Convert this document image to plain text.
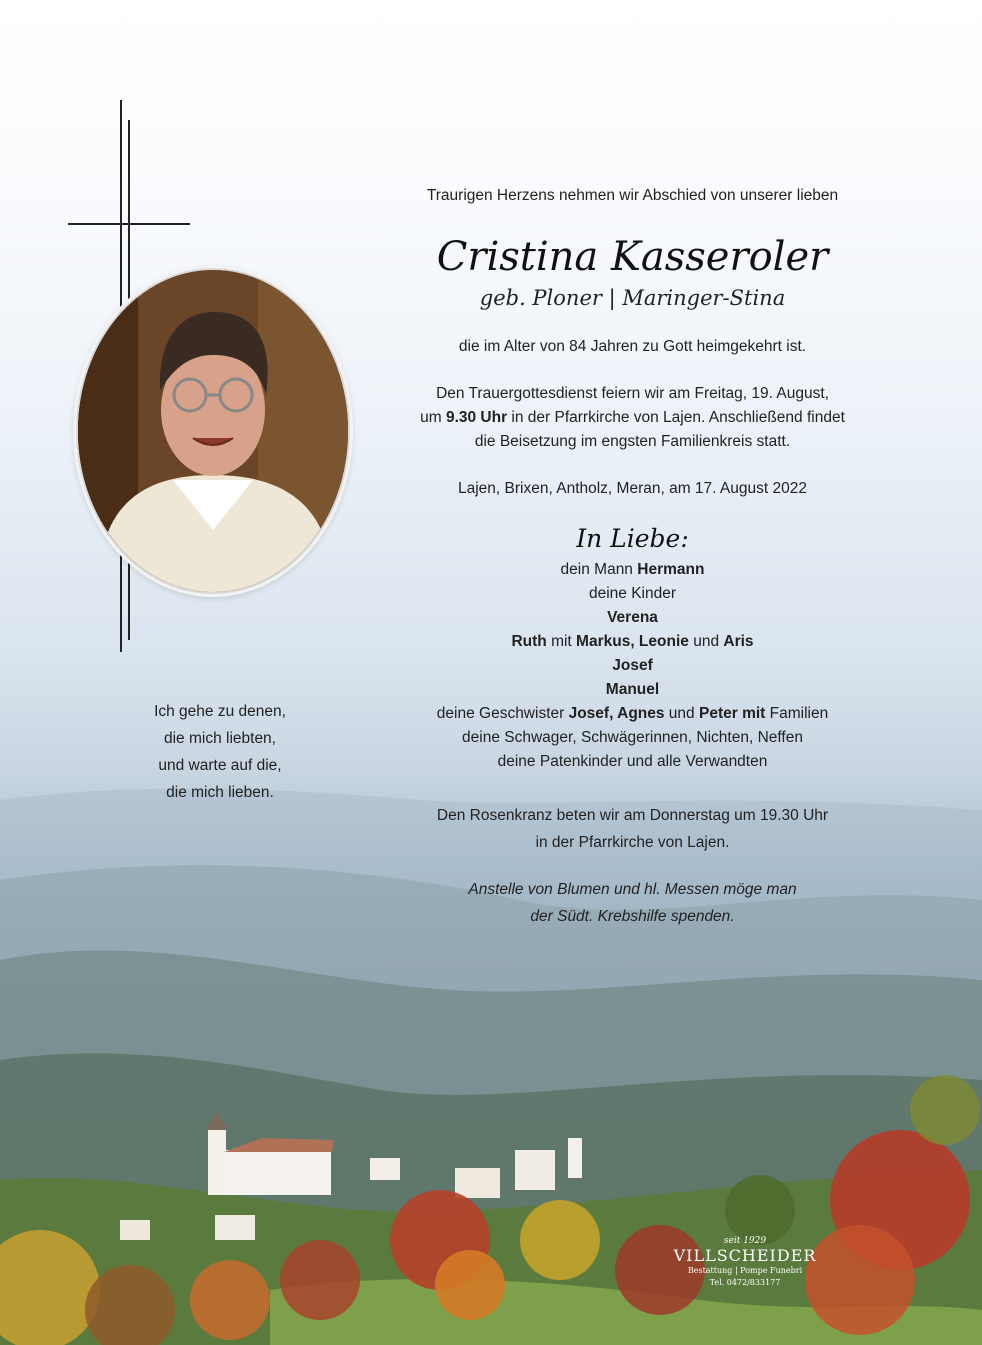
Traurigen Herzens nehmen wir Abschied von unserer lieben
Cristina Kasseroler
geb. Ploner | Maringer-Stina
die im Alter von 84 Jahren zu Gott heimgekehrt ist.
Den Trauergottesdienst feiern wir am Freitag, 19. August,
um 9.30 Uhr in der Pfarrkirche von Lajen. Anschließend findet
die Beisetzung im engsten Familienkreis statt.
Lajen, Brixen, Antholz, Meran, am 17. August 2022
In Liebe:
dein Mann Hermann
deine Kinder
Verena
Ruth mit Markus, Leonie und Aris
Josef
Manuel
deine Geschwister Josef, Agnes und Peter mit Familien
deine Schwager, Schwägerinnen, Nichten, Neffen
deine Patenkinder und alle Verwandten
Den Rosenkranz beten wir am Donnerstag um 19.30 Uhr
in der Pfarrkirche von Lajen.
Anstelle von Blumen und hl. Messen möge man
der Südt. Krebshilfe spenden.
Ich gehe zu denen,
die mich liebten,
und warte auf die,
die mich lieben.
seit 1929
VILLSCHEIDER
Bestattung | Pompe Funebri
Tel. 0472/833177
